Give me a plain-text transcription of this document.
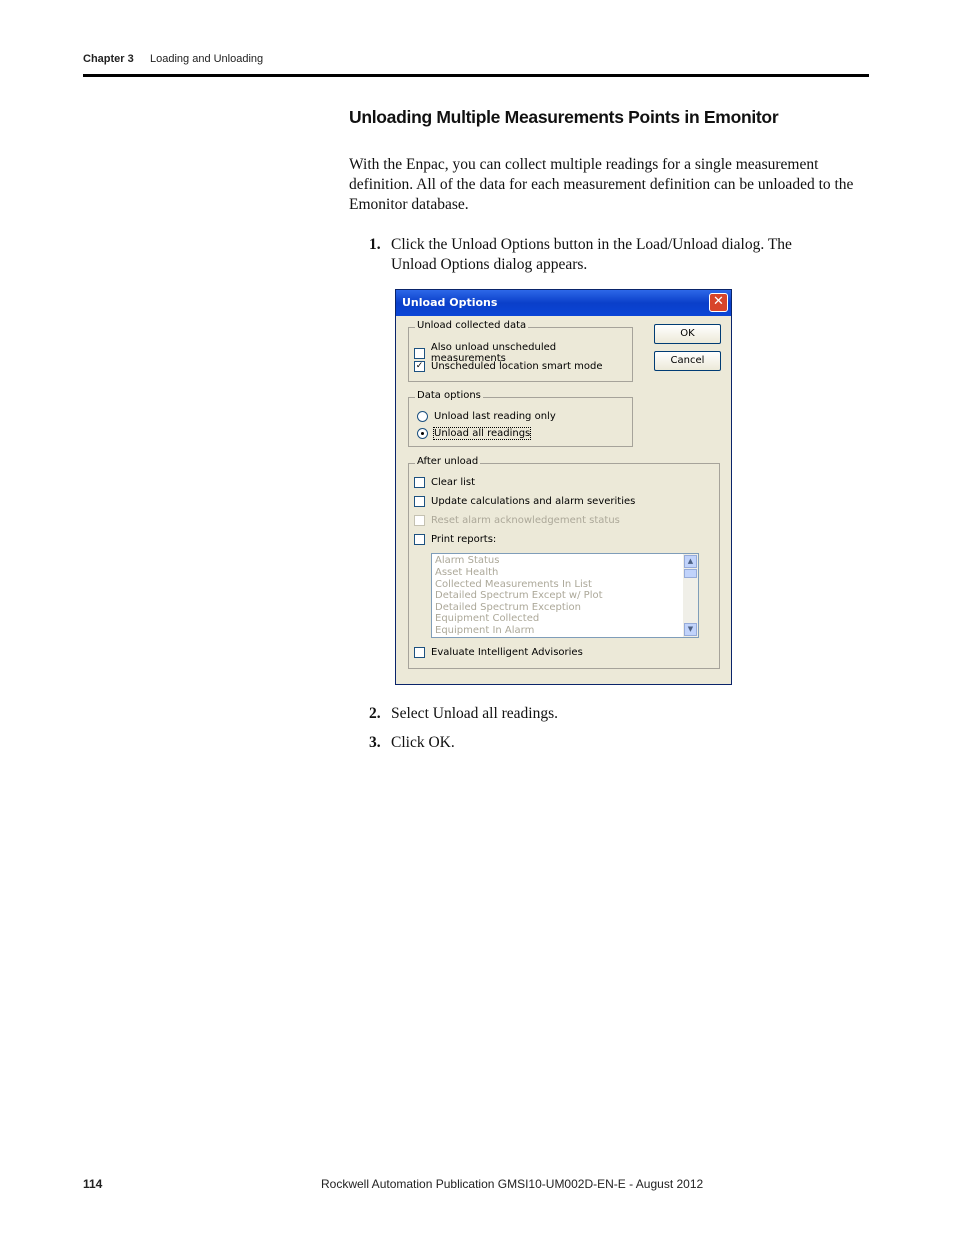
Chapter 3 Loading and Unloading
Unloading Multiple Measurements Points in Emonitor
With the Enpac, you can collect multiple readings for a single measurement definition. All of the data for each measurement definition can be unloaded to the Emonitor database.
1. Click the Unload Options button in the Load/Unload dialog. The Unload Options dialog appears.
Unload Options	✕
OK
Cancel
Unload collected data
Also unload unscheduled measurements
✓ Unscheduled location smart mode
Data options
Unload last reading only
Unload all readings
After unload
Clear list
Update calculations and alarm severities
Reset alarm acknowledgement status
Print reports:
Alarm Status
Asset Health
Collected Measurements In List
Detailed Spectrum Except w/ Plot
Detailed Spectrum Exception
Equipment Collected
Equipment In Alarm
▲
▼
Evaluate Intelligent Advisories
2. Select Unload all readings.
3. Click OK.
114	Rockwell Automation Publication GMSI10-UM002D-EN-E - August 2012
